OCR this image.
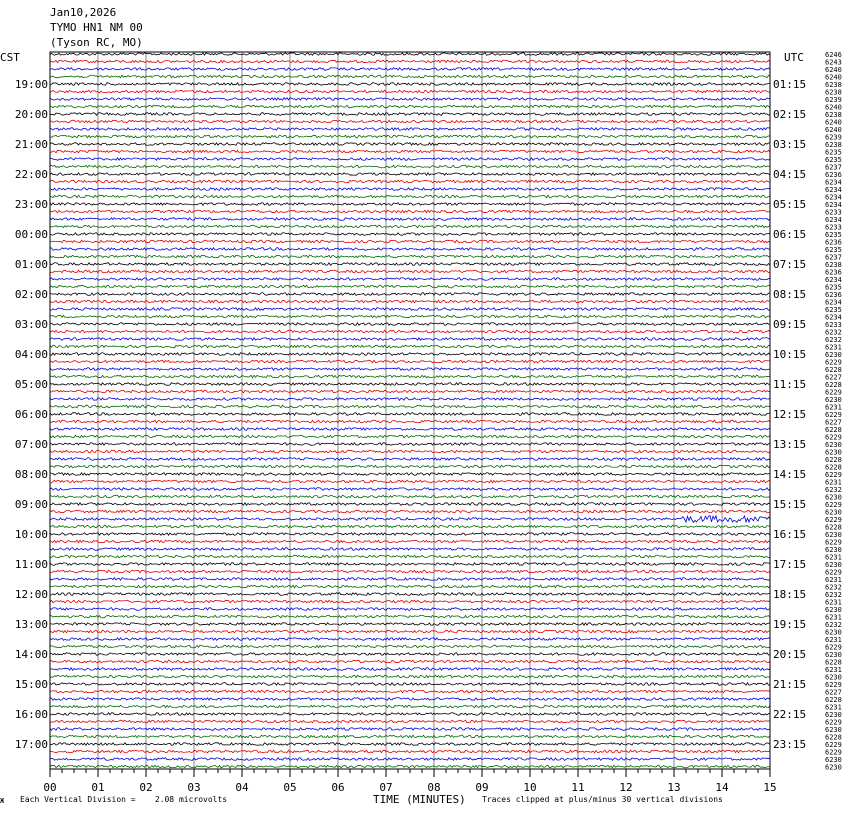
Jan10,2026
TYMO HN1 NM 00
(Tyson RC, MO)
CST	UTC
00	01	02	03	04	05	06	07	08	09	10	11	12	13	14	15
19:00
20:00
21:00
22:00
23:00
00:00
01:00
02:00
03:00
04:00
05:00
06:00
07:00
08:00
09:00
10:00
11:00
12:00
13:00
14:00
15:00
16:00
17:00
01:15
02:15
03:15
04:15
05:15
06:15
07:15
08:15
09:15
10:15
11:15
12:15
13:15
14:15
15:15
16:15
17:15
18:15
19:15
20:15
21:15
22:15
23:15
6246
6243
6240
6240
6238
6238
6239
6240
6238
6240
6240
6239
6238
6235
6235
6237
6236
6234
6234
6234
6234
6233
6234
6233
6235
6236
6235
6237
6238
6236
6234
6235
6236
6234
6235
6234
6233
6232
6232
6231
6230
6229
6228
6227
6228
6229
6230
6231
6229
6227
6228
6229
6230
6230
6228
6228
6229
6231
6232
6230
6229
6230
6229
6228
6230
6229
6230
6231
6230
6229
6231
6232
6232
6231
6230
6231
6232
6230
6231
6229
6230
6228
6231
6230
6229
6227
6228
6231
6230
6229
6230
6228
6229
6229
6230
6230
Ж Each Vertical Division =    2.08 microvolts	TIME (MINUTES) Traces clipped at plus/minus 30 vertical divisions
